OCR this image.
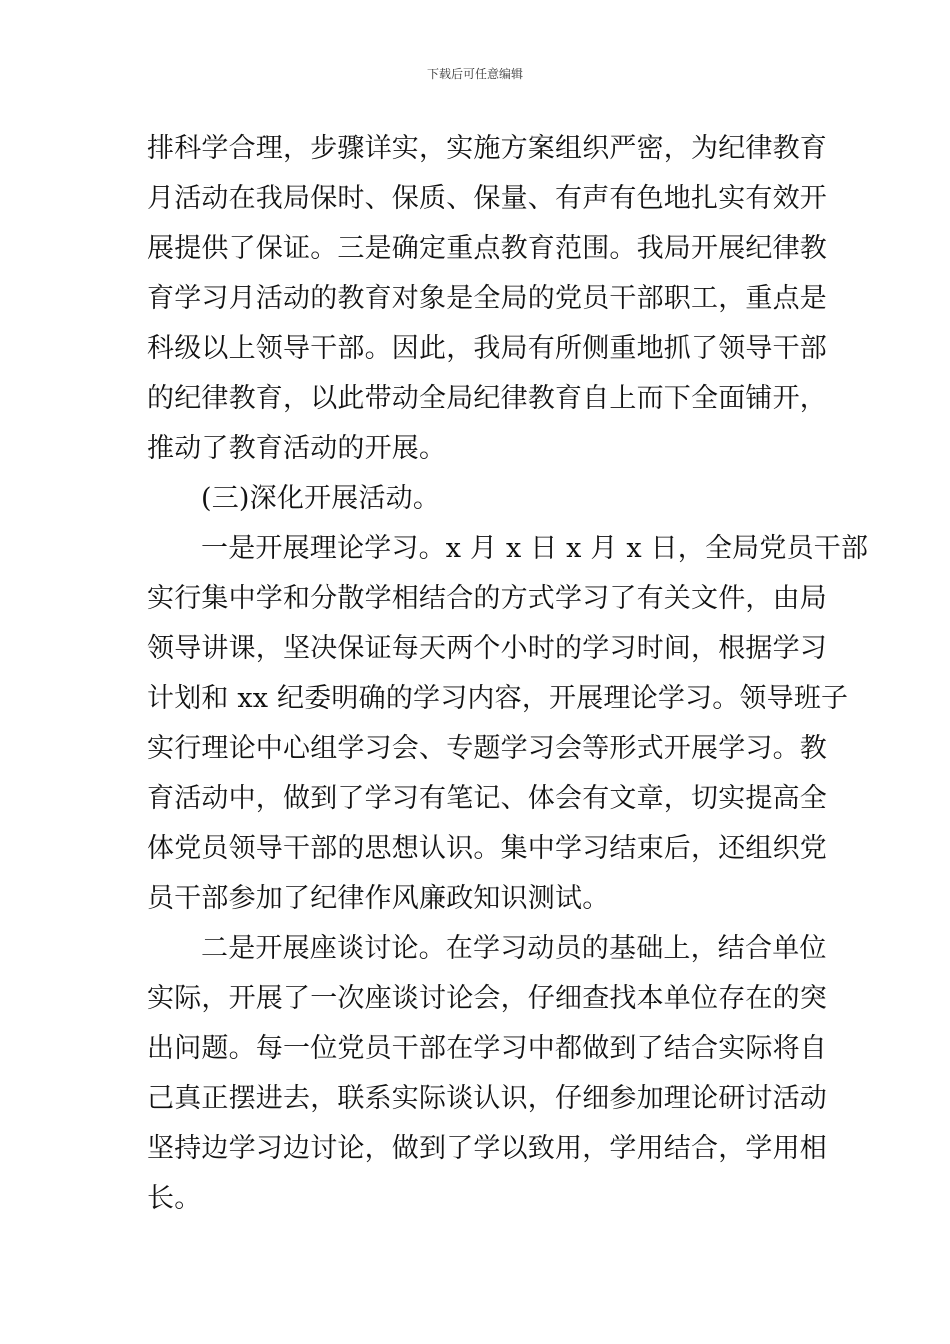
下载后可任意编辑
排科学合理，步骤详实，实施方案组织严密，为纪律教育
月活动在我局保时、保质、保量、有声有色地扎实有效开
展提供了保证。三是确定重点教育范围。我局开展纪律教
育学习月活动的教育对象是全局的党员干部职工，重点是
科级以上领导干部。因此，我局有所侧重地抓了领导干部
的纪律教育，以此带动全局纪律教育自上而下全面铺开，
推动了教育活动的开展。
(三)深化开展活动。
一是开展理论学习。x 月 x 日 x 月 x 日，全局党员干部
实行集中学和分散学相结合的方式学习了有关文件，由局
领导讲课，坚决保证每天两个小时的学习时间，根据学习
计划和 xx 纪委明确的学习内容，开展理论学习。领导班子
实行理论中心组学习会、专题学习会等形式开展学习。教
育活动中，做到了学习有笔记、体会有文章，切实提高全
体党员领导干部的思想认识。集中学习结束后，还组织党
员干部参加了纪律作风廉政知识测试。
二是开展座谈讨论。在学习动员的基础上，结合单位
实际，开展了一次座谈讨论会，仔细查找本单位存在的突
出问题。每一位党员干部在学习中都做到了结合实际将自
己真正摆进去，联系实际谈认识，仔细参加理论研讨活动
坚持边学习边讨论，做到了学以致用，学用结合，学用相
长。
